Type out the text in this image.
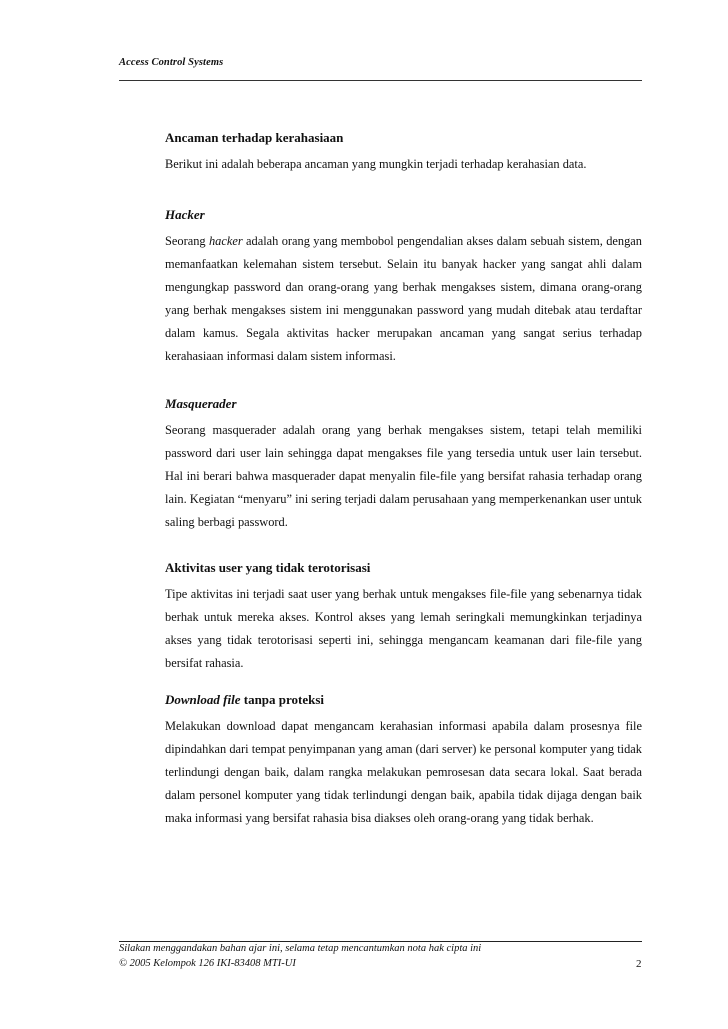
Access Control Systems
Ancaman terhadap kerahasiaan

Berikut ini adalah beberapa ancaman yang mungkin terjadi terhadap kerahasian data.

Hacker

Seorang hacker adalah orang yang membobol pengendalian akses dalam sebuah sistem, dengan memanfaatkan kelemahan sistem tersebut. Selain itu banyak hacker yang sangat ahli dalam mengungkap password dan orang-orang yang berhak mengakses sistem, dimana orang-orang yang berhak mengakses sistem ini menggunakan password yang mudah ditebak atau terdaftar dalam kamus. Segala aktivitas hacker merupakan ancaman yang sangat serius terhadap kerahasiaan informasi dalam sistem informasi.

Masquerader

Seorang masquerader adalah orang yang berhak mengakses sistem, tetapi telah memiliki password dari user lain sehingga dapat mengakses file yang tersedia untuk user lain tersebut. Hal ini berari bahwa masquerader dapat menyalin file-file yang bersifat rahasia terhadap orang lain. Kegiatan “menyaru” ini sering terjadi dalam perusahaan yang memperkenankan user untuk saling berbagi password.

Aktivitas user yang tidak terotorisasi

Tipe aktivitas ini terjadi saat user yang berhak untuk mengakses file-file yang sebenarnya tidak berhak untuk mereka akses. Kontrol akses yang lemah seringkali memungkinkan terjadinya akses yang tidak terotorisasi seperti ini, sehingga mengancam keamanan dari file-file yang bersifat rahasia.

Download file tanpa proteksi

Melakukan download dapat mengancam kerahasian informasi apabila dalam prosesnya file dipindahkan dari tempat penyimpanan yang aman (dari server) ke personal komputer yang tidak terlindungi dengan baik, dalam rangka melakukan pemrosesan data secara lokal. Saat berada dalam personel komputer yang tidak terlindungi dengan baik, apabila tidak dijaga dengan baik maka informasi yang bersifat rahasia bisa diakses oleh orang-orang yang tidak berhak.

Silakan menggandakan bahan ajar ini, selama tetap mencantumkan nota hak cipta ini
© 2005 Kelompok 126 IKI-83408 MTI-UI	2
